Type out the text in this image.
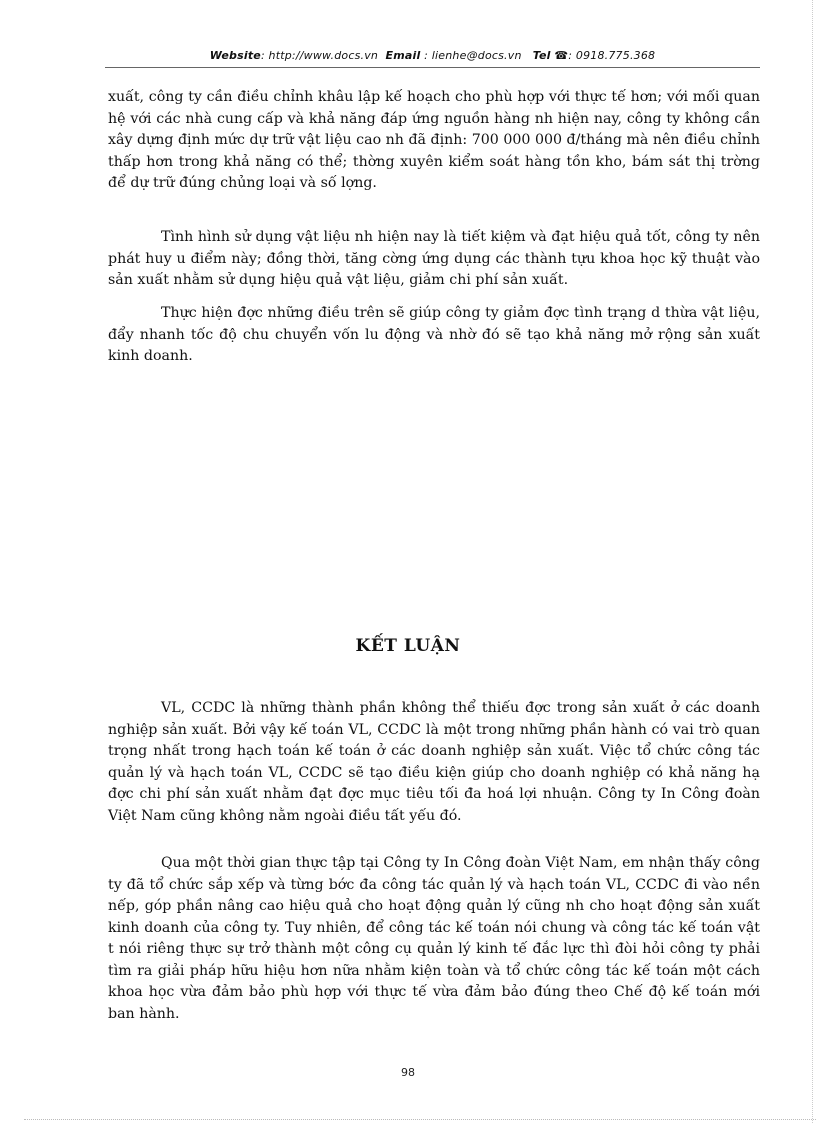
Website: http://www.docs.vn Email : lienhe@docs.vn Tel ☎: 0918.775.368

xuất, công ty cần điều chỉnh khâu lập kế hoạch cho phù hợp với thực tế hơn; với mối quan hệ với các nhà cung cấp và khả năng đáp ứng nguồn hàng nh hiện nay, công ty không cần xây dựng định mức dự trữ vật liệu cao nh đã định: 700 000 000 đ/tháng mà nên điều chỉnh thấp hơn trong khả năng có thể; thờng xuyên kiểm soát hàng tồn kho, bám sát thị trờng để dự trữ đúng chủng loại và số lợng.

Tình hình sử dụng vật liệu nh hiện nay là tiết kiệm và đạt hiệu quả tốt, công ty nên phát huy u điểm này; đồng thời, tăng cờng ứng dụng các thành tựu khoa học kỹ thuật vào sản xuất nhằm sử dụng hiệu quả vật liệu, giảm chi phí sản xuất.

Thực hiện đợc những điều trên sẽ giúp công ty giảm đợc tình trạng d thừa vật liệu, đẩy nhanh tốc độ chu chuyển vốn lu động và nhờ đó sẽ tạo khả năng mở rộng sản xuất kinh doanh.

KẾT LUẬN

VL, CCDC là những thành phần không thể thiếu đợc trong sản xuất ở các doanh nghiệp sản xuất. Bởi vậy kế toán VL, CCDC là một trong những phần hành có vai trò quan trọng nhất trong hạch toán kế toán ở các doanh nghiệp sản xuất. Việc tổ chức công tác quản lý và hạch toán VL, CCDC sẽ tạo điều kiện giúp cho doanh nghiệp có khả năng hạ đợc chi phí sản xuất nhằm đạt đợc mục tiêu tối đa hoá lợi nhuận. Công ty In Công đoàn Việt Nam cũng không nằm ngoài điều tất yếu đó.

Qua một thời gian thực tập tại Công ty In Công đoàn Việt Nam, em nhận thấy công ty đã tổ chức sắp xếp và từng bớc đa công tác quản lý và hạch toán VL, CCDC đi vào nền nếp, góp phần nâng cao hiệu quả cho hoạt động quản lý cũng nh cho hoạt động sản xuất kinh doanh của công ty. Tuy nhiên, để công tác kế toán nói chung và công tác kế toán vật t nói riêng thực sự trở thành một công cụ quản lý kinh tế đắc lực thì đòi hỏi công ty phải tìm ra giải pháp hữu hiệu hơn nữa nhằm kiện toàn và tổ chức công tác kế toán một cách khoa học vừa đảm bảo phù hợp với thực tế vừa đảm bảo đúng theo Chế độ kế toán mới ban hành.

98
